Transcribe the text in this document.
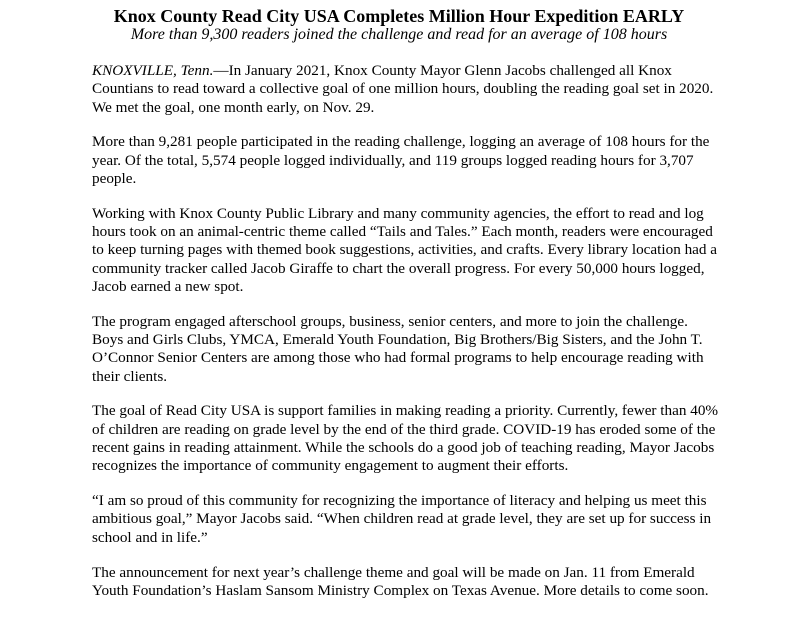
Knox County Read City USA Completes Million Hour Expedition EARLY
More than 9,300 readers joined the challenge and read for an average of 108 hours

KNOXVILLE, Tenn.—In January 2021, Knox County Mayor Glenn Jacobs challenged all Knox Countians to read toward a collective goal of one million hours, doubling the reading goal set in 2020. We met the goal, one month early, on Nov. 29.

More than 9,281 people participated in the reading challenge, logging an average of 108 hours for the year. Of the total, 5,574 people logged individually, and 119 groups logged reading hours for 3,707 people.

Working with Knox County Public Library and many community agencies, the effort to read and log hours took on an animal-centric theme called “Tails and Tales.” Each month, readers were encouraged to keep turning pages with themed book suggestions, activities, and crafts. Every library location had a community tracker called Jacob Giraffe to chart the overall progress. For every 50,000 hours logged, Jacob earned a new spot.

The program engaged afterschool groups, business, senior centers, and more to join the challenge. Boys and Girls Clubs, YMCA, Emerald Youth Foundation, Big Brothers/Big Sisters, and the John T. O’Connor Senior Centers are among those who had formal programs to help encourage reading with their clients.

The goal of Read City USA is support families in making reading a priority. Currently, fewer than 40% of children are reading on grade level by the end of the third grade. COVID-19 has eroded some of the recent gains in reading attainment. While the schools do a good job of teaching reading, Mayor Jacobs recognizes the importance of community engagement to augment their efforts.

“I am so proud of this community for recognizing the importance of literacy and helping us meet this ambitious goal,” Mayor Jacobs said. “When children read at grade level, they are set up for success in school and in life.”

The announcement for next year’s challenge theme and goal will be made on Jan. 11 from Emerald Youth Foundation’s Haslam Sansom Ministry Complex on Texas Avenue. More details to come soon.
